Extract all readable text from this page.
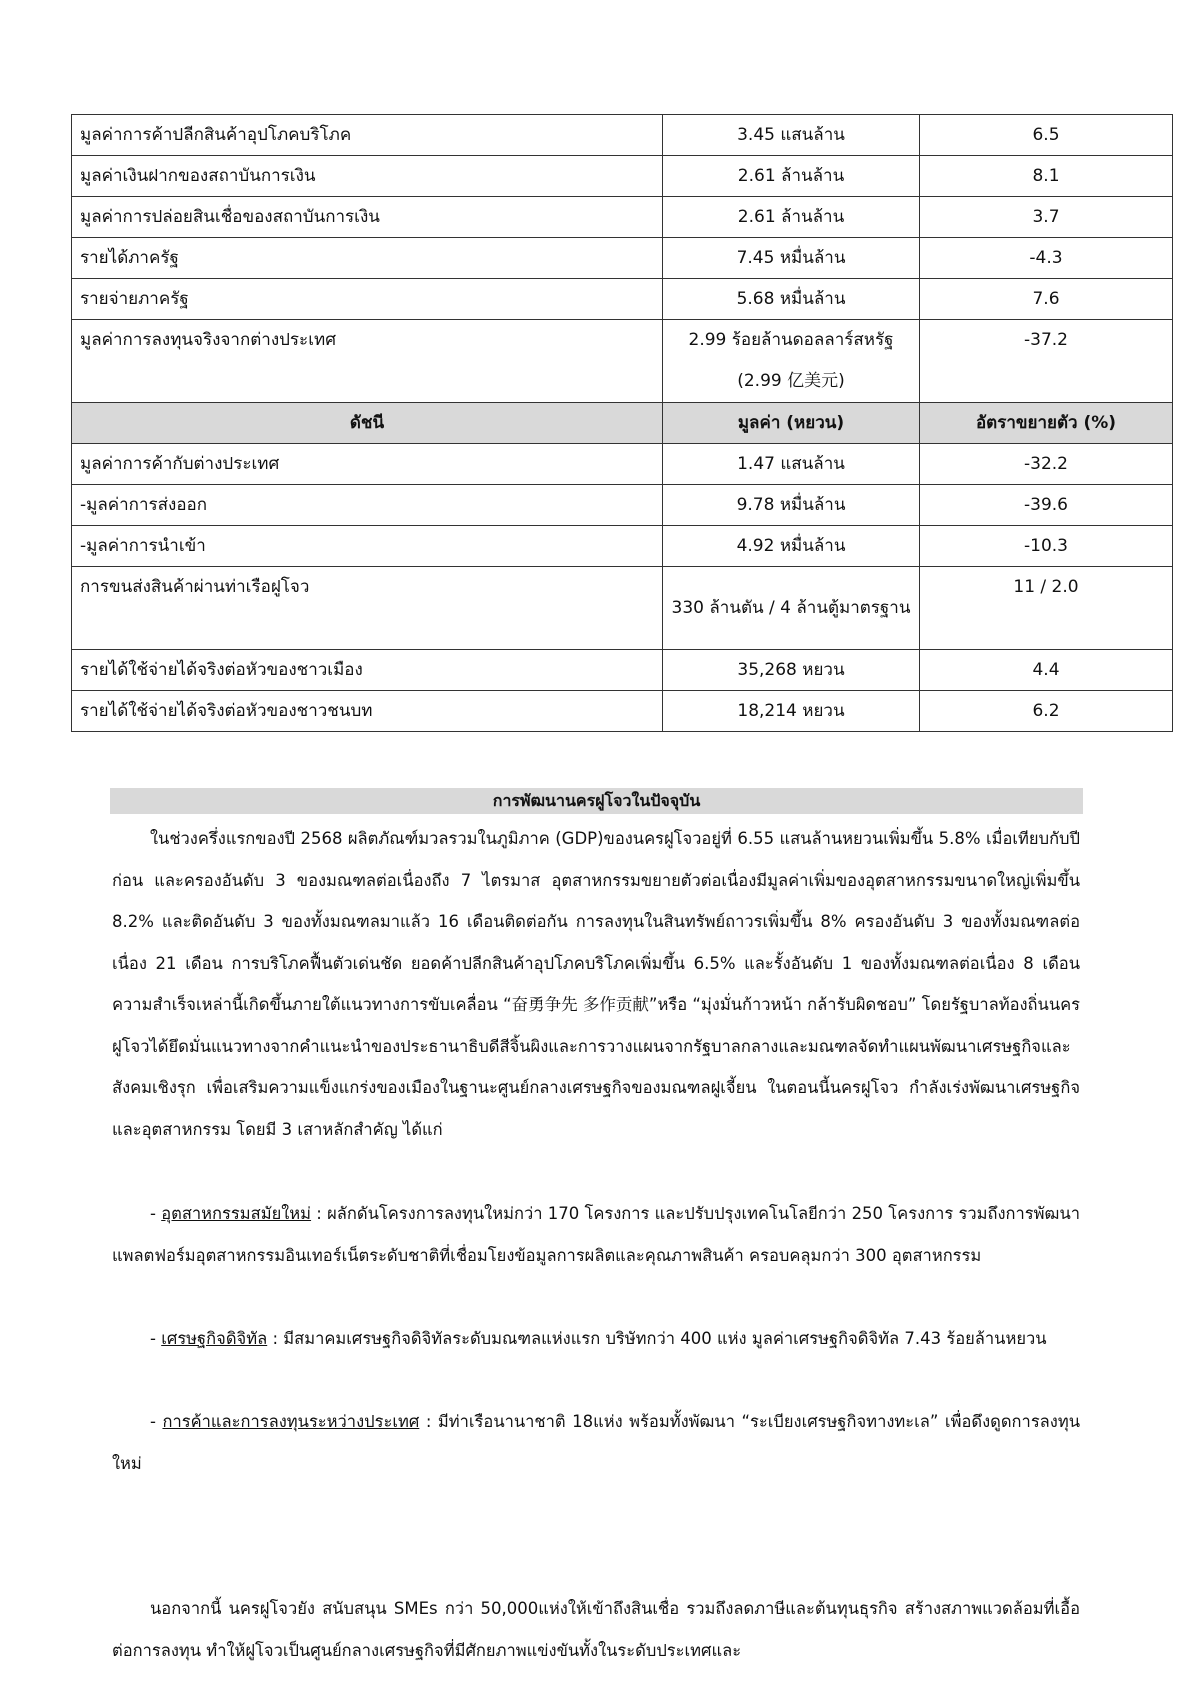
มูลค่าการค้าปลีกสินค้าอุปโภคบริโภค	3.45 แสนล้าน	6.5
มูลค่าเงินฝากของสถาบันการเงิน	2.61 ล้านล้าน	8.1
มูลค่าการปล่อยสินเชื่อของสถาบันการเงิน	2.61 ล้านล้าน	3.7
รายได้ภาครัฐ	7.45 หมื่นล้าน	-4.3
รายจ่ายภาครัฐ	5.68 หมื่นล้าน	7.6
มูลค่าการลงทุนจริงจากต่างประเทศ	2.99 ร้อยล้านดอลลาร์สหรัฐ (2.99 亿美元)	-37.2
ดัชนี	มูลค่า (หยวน)	อัตราขยายตัว (%)
มูลค่าการค้ากับต่างประเทศ	1.47 แสนล้าน	-32.2
-มูลค่าการส่งออก	9.78 หมื่นล้าน	-39.6
-มูลค่าการนำเข้า	4.92 หมื่นล้าน	-10.3
การขนส่งสินค้าผ่านท่าเรือฝูโจว	330 ล้านตัน / 4 ล้านตู้มาตรฐาน	11 / 2.0
รายได้ใช้จ่ายได้จริงต่อหัวของชาวเมือง	35,268 หยวน	4.4
รายได้ใช้จ่ายได้จริงต่อหัวของชาวชนบท	18,214 หยวน	6.2
การพัฒนานครฝูโจวในปัจจุบัน

ในช่วงครึ่งแรกของปี 2568 ผลิตภัณฑ์มวลรวมในภูมิภาค (GDP)ของนครฝูโจวอยู่ที่ 6.55 แสนล้านหยวนเพิ่มขึ้น 5.8% เมื่อเทียบกับปีก่อน และครองอันดับ 3 ของมณฑลต่อเนื่องถึง 7 ไตรมาส อุตสาหกรรมขยายตัวต่อเนื่องมีมูลค่าเพิ่มของอุตสาหกรรมขนาดใหญ่เพิ่มขึ้น 8.2% และติดอันดับ 3 ของทั้งมณฑลมาแล้ว 16 เดือนติดต่อกัน การลงทุนในสินทรัพย์ถาวรเพิ่มขึ้น 8% ครองอันดับ 3 ของทั้งมณฑลต่อเนื่อง 21 เดือน การบริโภคฟื้นตัวเด่นชัด ยอดค้าปลีกสินค้าอุปโภคบริโภคเพิ่มขึ้น 6.5% และรั้งอันดับ 1 ของทั้งมณฑลต่อเนื่อง 8 เดือน ความสำเร็จเหล่านี้เกิดขึ้นภายใต้แนวทางการขับเคลื่อน “奋勇争先 多作贡献”หรือ “มุ่งมั่นก้าวหน้า กล้ารับผิดชอบ” โดยรัฐบาลท้องถิ่นนครฝูโจวได้ยึดมั่นแนวทางจากคำแนะนำของประธานาธิบดีสีจิ้นผิงและการวางแผนจากรัฐบาลกลางและมณฑลจัดทำแผนพัฒนาเศรษฐกิจและสังคมเชิงรุก เพื่อเสริมความแข็งแกร่งของเมืองในฐานะศูนย์กลางเศรษฐกิจของมณฑลฝูเจี้ยน ในตอนนี้นครฝูโจว กำลังเร่งพัฒนาเศรษฐกิจและอุตสาหกรรม โดยมี 3 เสาหลักสำคัญ ได้แก่

- อุตสาหกรรมสมัยใหม่ : ผลักดันโครงการลงทุนใหม่กว่า 170 โครงการ และปรับปรุงเทคโนโลยีกว่า 250 โครงการ รวมถึงการพัฒนาแพลตฟอร์มอุตสาหกรรมอินเทอร์เน็ตระดับชาติที่เชื่อมโยงข้อมูลการผลิตและคุณภาพสินค้า ครอบคลุมกว่า 300 อุตสาหกรรม

- เศรษฐกิจดิจิทัล : มีสมาคมเศรษฐกิจดิจิทัลระดับมณฑลแห่งแรก บริษัทกว่า 400 แห่ง มูลค่าเศรษฐกิจดิจิทัล 7.43 ร้อยล้านหยวน

- การค้าและการลงทุนระหว่างประเทศ : มีท่าเรือนานาชาติ 18แห่ง พร้อมทั้งพัฒนา “ระเบียงเศรษฐกิจทางทะเล” เพื่อดึงดูดการลงทุนใหม่

นอกจากนี้ นครฝูโจวยัง สนับสนุน SMEs กว่า 50,000แห่งให้เข้าถึงสินเชื่อ รวมถึงลดภาษีและต้นทุนธุรกิจ สร้างสภาพแวดล้อมที่เอื้อต่อการลงทุน ทำให้ฝูโจวเป็นศูนย์กลางเศรษฐกิจที่มีศักยภาพแข่งขันทั้งในระดับประเทศและ
